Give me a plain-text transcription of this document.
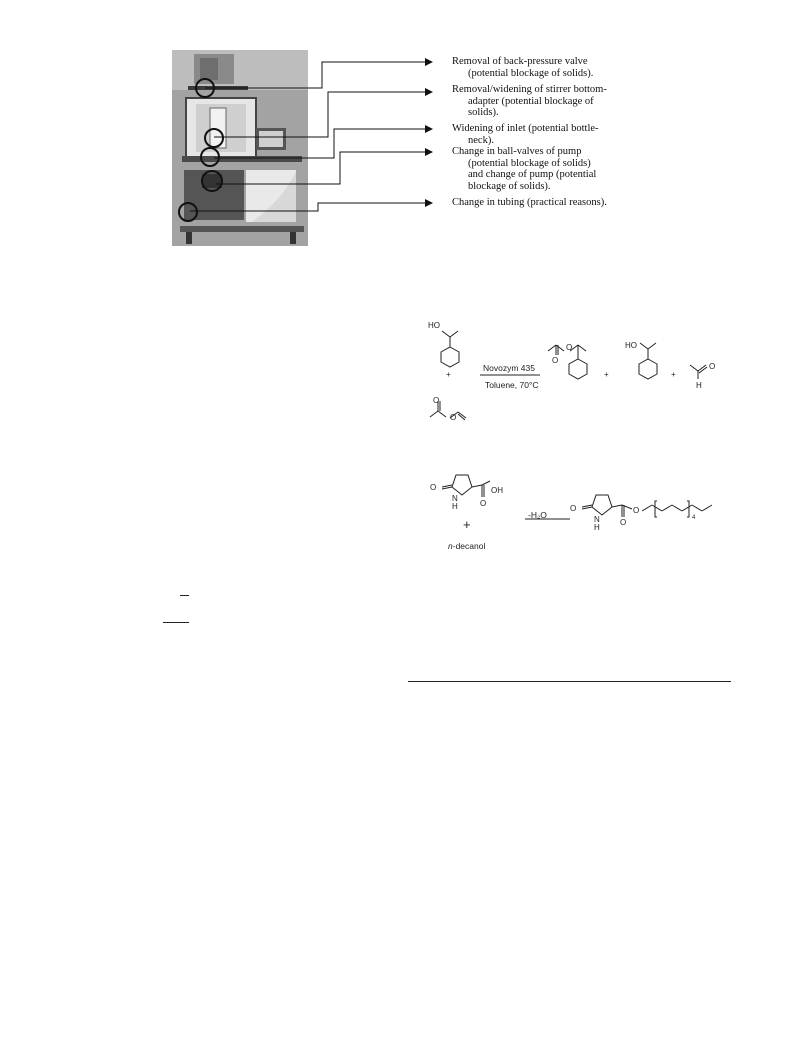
Removal of back-pressure valve
(potential blockage of solids).
Removal/widening of stirrer bottom-
adapter (potential blockage of
solids).
Widening of inlet (potential bottle-
neck).
Change in ball-valves of pump
(potential blockage of solids)
and change of pump (potential
blockage of solids).
Change in tubing (practical reasons).
HO
+
O
O
Novozym 435
Toluene, 70°C
O
O
+
HO
+
O
H
O
N
H
OH
O
+
n-decanol
-H₂O
O
N
H
O
O
4
